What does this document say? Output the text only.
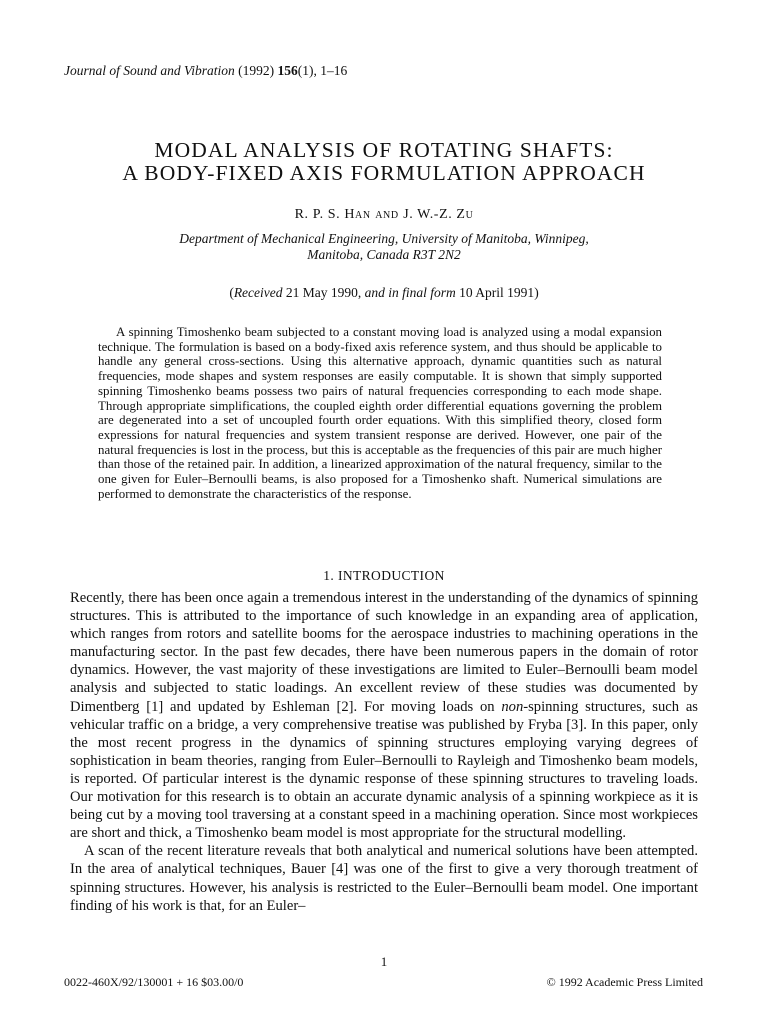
Journal of Sound and Vibration (1992) 156(1), 1–16
MODAL ANALYSIS OF ROTATING SHAFTS:
A BODY-FIXED AXIS FORMULATION APPROACH
R. P. S. Han and J. W.-Z. Zu
Department of Mechanical Engineering, University of Manitoba, Winnipeg,
Manitoba, Canada R3T 2N2
(Received 21 May 1990, and in final form 10 April 1991)

A spinning Timoshenko beam subjected to a constant moving load is analyzed using a modal expansion technique. The formulation is based on a body-fixed axis reference system, and thus should be applicable to handle any general cross-sections. Using this alternative approach, dynamic quantities such as natural frequencies, mode shapes and system responses are easily computable. It is shown that simply supported spinning Timoshenko beams possess two pairs of natural frequencies corresponding to each mode shape. Through appropriate simplifications, the coupled eighth order differential equations governing the problem are degenerated into a set of uncoupled fourth order equations. With this simplified theory, closed form expressions for natural frequencies and system transient response are derived. However, one pair of the natural frequencies is lost in the process, but this is acceptable as the frequencies of this pair are much higher than those of the retained pair. In addition, a linearized approximation of the natural frequency, similar to the one given for Euler–Bernoulli beams, is also proposed for a Timoshenko shaft. Numerical simulations are performed to demonstrate the characteristics of the response.

1. INTRODUCTION

Recently, there has been once again a tremendous interest in the understanding of the dynamics of spinning structures. This is attributed to the importance of such knowledge in an expanding area of application, which ranges from rotors and satellite booms for the aerospace industries to machining operations in the manufacturing sector. In the past few decades, there have been numerous papers in the domain of rotor dynamics. However, the vast majority of these investigations are limited to Euler–Bernoulli beam model analysis and subjected to static loadings. An excellent review of these studies was documented by Dimentberg [1] and updated by Eshleman [2]. For moving loads on non-spinning structures, such as vehicular traffic on a bridge, a very comprehensive treatise was published by Fryba [3]. In this paper, only the most recent progress in the dynamics of spinning structures employing varying degrees of sophistication in beam theories, ranging from Euler–Bernoulli to Rayleigh and Timoshenko beam models, is reported. Of particular interest is the dynamic response of these spinning structures to traveling loads. Our motivation for this research is to obtain an accurate dynamic analysis of a spinning workpiece as it is being cut by a moving tool traversing at a constant speed in a machining operation. Since most workpieces are short and thick, a Timoshenko beam model is most appropriate for the structural modelling.

A scan of the recent literature reveals that both analytical and numerical solutions have been attempted. In the area of analytical techniques, Bauer [4] was one of the first to give a very thorough treatment of spinning structures. However, his analysis is restricted to the Euler–Bernoulli beam model. One important finding of his work is that, for an Euler–

1
0022-460X/92/130001 + 16 $03.00/0	© 1992 Academic Press Limited
